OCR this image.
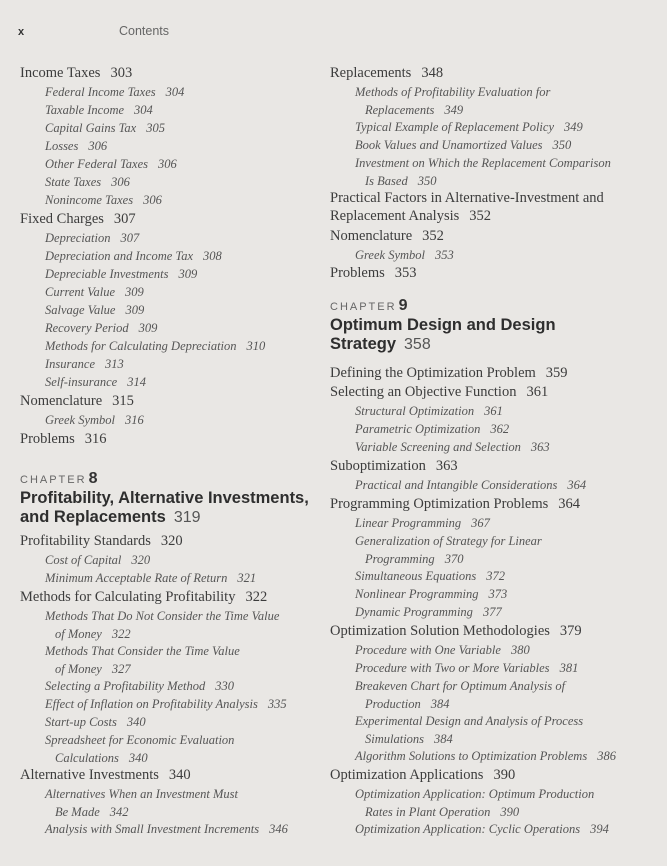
x	Contents
Income Taxes 303
Federal Income Taxes 304
Taxable Income 304
Capital Gains Tax 305
Losses 306
Other Federal Taxes 306
State Taxes 306
Nonincome Taxes 306
Fixed Charges 307
Depreciation 307
Depreciation and Income Tax 308
Depreciable Investments 309
Current Value 309
Salvage Value 309
Recovery Period 309
Methods for Calculating Depreciation 310
Insurance 313
Self-insurance 314
Nomenclature 315
Greek Symbol 316
Problems 316
CHAPTER 8
Profitability, Alternative Investments,
and Replacements 319
Profitability Standards 320
Cost of Capital 320
Minimum Acceptable Rate of Return 321
Methods for Calculating Profitability 322
Methods That Do Not Consider the Time Value
of Money 322
Methods That Consider the Time Value
of Money 327
Selecting a Profitability Method 330
Effect of Inflation on Profitability Analysis 335
Start-up Costs 340
Spreadsheet for Economic Evaluation
Calculations 340
Alternative Investments 340
Alternatives When an Investment Must
Be Made 342
Analysis with Small Investment Increments 346
Replacements 348
Methods of Profitability Evaluation for
Replacements 349
Typical Example of Replacement Policy 349
Book Values and Unamortized Values 350
Investment on Which the Replacement Comparison
Is Based 350
Practical Factors in Alternative-Investment and
Replacement Analysis 352
Nomenclature 352
Greek Symbol 353
Problems 353
CHAPTER 9
Optimum Design and Design
Strategy 358
Defining the Optimization Problem 359
Selecting an Objective Function 361
Structural Optimization 361
Parametric Optimization 362
Variable Screening and Selection 363
Suboptimization 363
Practical and Intangible Considerations 364
Programming Optimization Problems 364
Linear Programming 367
Generalization of Strategy for Linear
Programming 370
Simultaneous Equations 372
Nonlinear Programming 373
Dynamic Programming 377
Optimization Solution Methodologies 379
Procedure with One Variable 380
Procedure with Two or More Variables 381
Breakeven Chart for Optimum Analysis of
Production 384
Experimental Design and Analysis of Process
Simulations 384
Algorithm Solutions to Optimization Problems 386
Optimization Applications 390
Optimization Application: Optimum Production
Rates in Plant Operation 390
Optimization Application: Cyclic Operations 394
